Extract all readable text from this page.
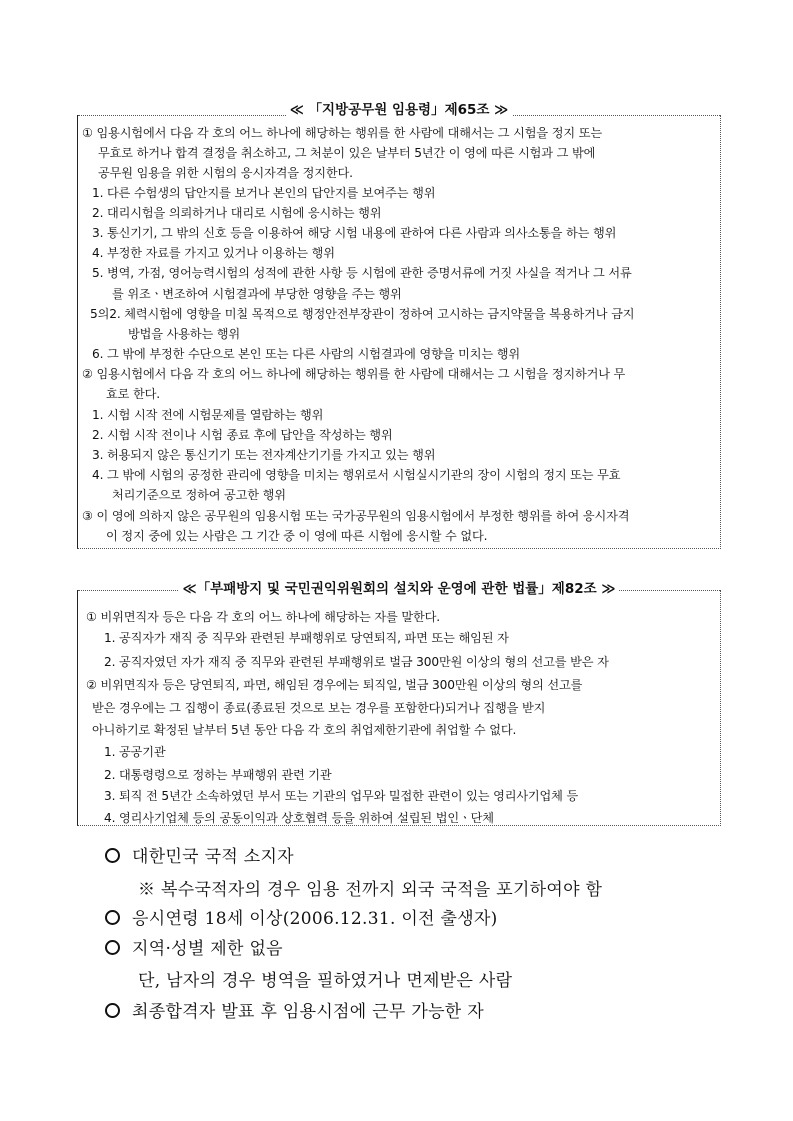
≪ 「지방공무원 임용령」제65조 ≫
① 임용시험에서 다음 각 호의 어느 하나에 해당하는 행위를 한 사람에 대해서는 그 시험을 정지 또는
무효로 하거나 합격 결정을 취소하고, 그 처분이 있은 날부터 5년간 이 영에 따른 시험과 그 밖에
공무원 임용을 위한 시험의 응시자격을 정지한다.
1. 다른 수험생의 답안지를 보거나 본인의 답안지를 보여주는 행위
2. 대리시험을 의뢰하거나 대리로 시험에 응시하는 행위
3. 통신기기, 그 밖의 신호 등을 이용하여 해당 시험 내용에 관하여 다른 사람과 의사소통을 하는 행위
4. 부정한 자료를 가지고 있거나 이용하는 행위
5. 병역, 가점, 영어능력시험의 성적에 관한 사항 등 시험에 관한 증명서류에 거짓 사실을 적거나 그 서류
를 위조ㆍ변조하여 시험결과에 부당한 영향을 주는 행위
5의2. 체력시험에 영향을 미칠 목적으로 행정안전부장관이 정하여 고시하는 금지약물을 복용하거나 금지
방법을 사용하는 행위
6. 그 밖에 부정한 수단으로 본인 또는 다른 사람의 시험결과에 영향을 미치는 행위
② 임용시험에서 다음 각 호의 어느 하나에 해당하는 행위를 한 사람에 대해서는 그 시험을 정지하거나 무
효로 한다.
1. 시험 시작 전에 시험문제를 열람하는 행위
2. 시험 시작 전이나 시험 종료 후에 답안을 작성하는 행위
3. 허용되지 않은 통신기기 또는 전자계산기기를 가지고 있는 행위
4. 그 밖에 시험의 공정한 관리에 영향을 미치는 행위로서 시험실시기관의 장이 시험의 정지 또는 무효
처리기준으로 정하여 공고한 행위
③ 이 영에 의하지 않은 공무원의 임용시험 또는 국가공무원의 임용시험에서 부정한 행위를 하여 응시자격
이 정지 중에 있는 사람은 그 기간 중 이 영에 따른 시험에 응시할 수 없다.
≪「부패방지 및 국민권익위원회의 설치와 운영에 관한 법률」제82조 ≫
① 비위면직자 등은 다음 각 호의 어느 하나에 해당하는 자를 말한다.
1. 공직자가 재직 중 직무와 관련된 부패행위로 당연퇴직, 파면 또는 해임된 자
2. 공직자였던 자가 재직 중 직무와 관련된 부패행위로 벌금 300만원 이상의 형의 선고를 받은 자
② 비위면직자 등은 당연퇴직, 파면, 해임된 경우에는 퇴직일, 벌금 300만원 이상의 형의 선고를
받은 경우에는 그 집행이 종료(종료된 것으로 보는 경우를 포함한다)되거나 집행을 받지
아니하기로 확정된 날부터 5년 동안 다음 각 호의 취업제한기관에 취업할 수 없다.
1. 공공기관
2. 대통령령으로 정하는 부패행위 관련 기관
3. 퇴직 전 5년간 소속하였던 부서 또는 기관의 업무와 밀접한 관련이 있는 영리사기업체 등
4. 영리사기업체 등의 공동이익과 상호협력 등을 위하여 설립된 법인ㆍ단체
대한민국 국적 소지자
※ 복수국적자의 경우 임용 전까지 외국 국적을 포기하여야 함
응시연령 18세 이상(2006.12.31. 이전 출생자)
지역·성별 제한 없음
단, 남자의 경우 병역을 필하였거나 면제받은 사람
최종합격자 발표 후 임용시점에 근무 가능한 자
